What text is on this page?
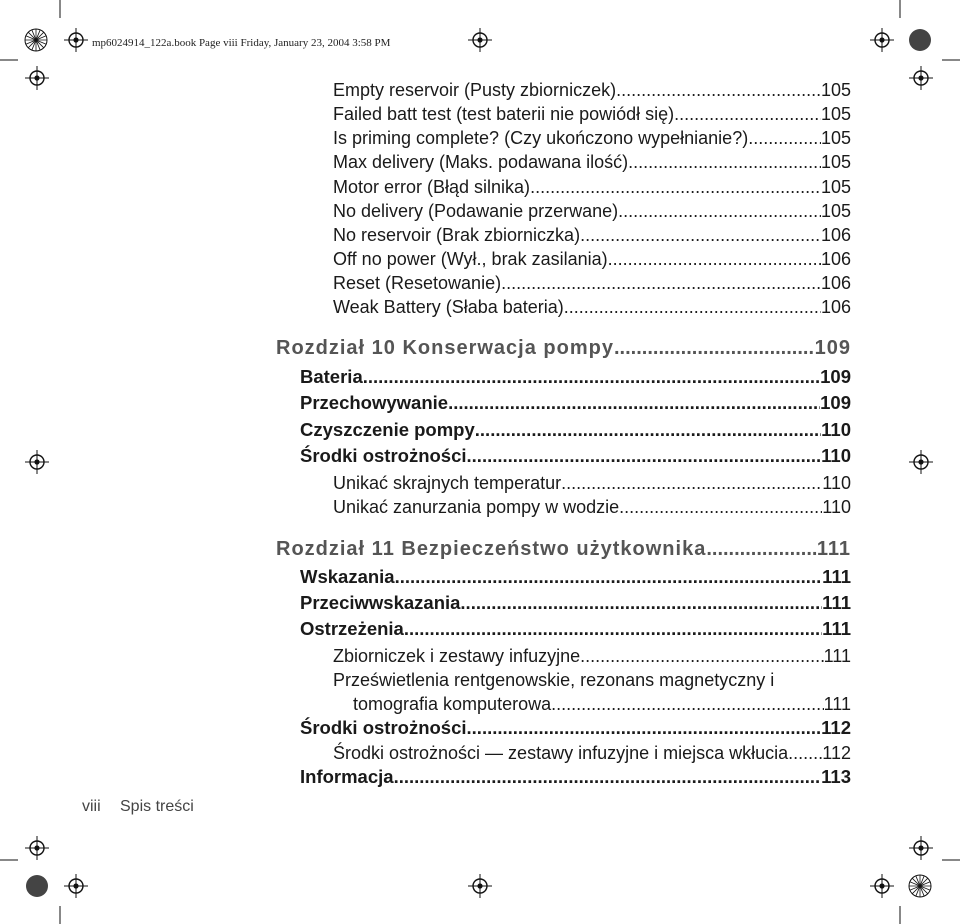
mp6024914_122a.book Page viii Friday, January 23, 2004 3:58 PM
Empty reservoir (Pusty zbiorniczek) .....	105
Failed batt test (test baterii nie powiódł się) .....	105
Is priming complete? (Czy ukończono wypełnianie?) .....	105
Max delivery (Maks. podawana ilość) .....	105
Motor error (Błąd silnika) .....	105
No delivery (Podawanie przerwane) .....	105
No reservoir (Brak zbiorniczka) .....	106
Off no power (Wył., brak zasilania) .....	106
Reset (Resetowanie) .....	106
Weak Battery (Słaba bateria) .....	106
Rozdział 10 Konserwacja pompy .....	109
Bateria .....	109
Przechowywanie .....	109
Czyszczenie pompy .....	110
Środki ostrożności .....	110
Unikać skrajnych temperatur .....	110
Unikać zanurzania pompy w wodzie .....	110
Rozdział 11 Bezpieczeństwo użytkownika .....	111
Wskazania .....	111
Przeciwwskazania .....	111
Ostrzeżenia .....	111
Zbiorniczek i zestawy infuzyjne .....	111
Prześwietlenia rentgenowskie, rezonans magnetyczny i
tomografia komputerowa .....	111
Środki ostrożności .....	112
Środki ostrożności — zestawy infuzyjne i miejsca wkłucia ..... 112
Informacja .....	113
viii Spis treści
